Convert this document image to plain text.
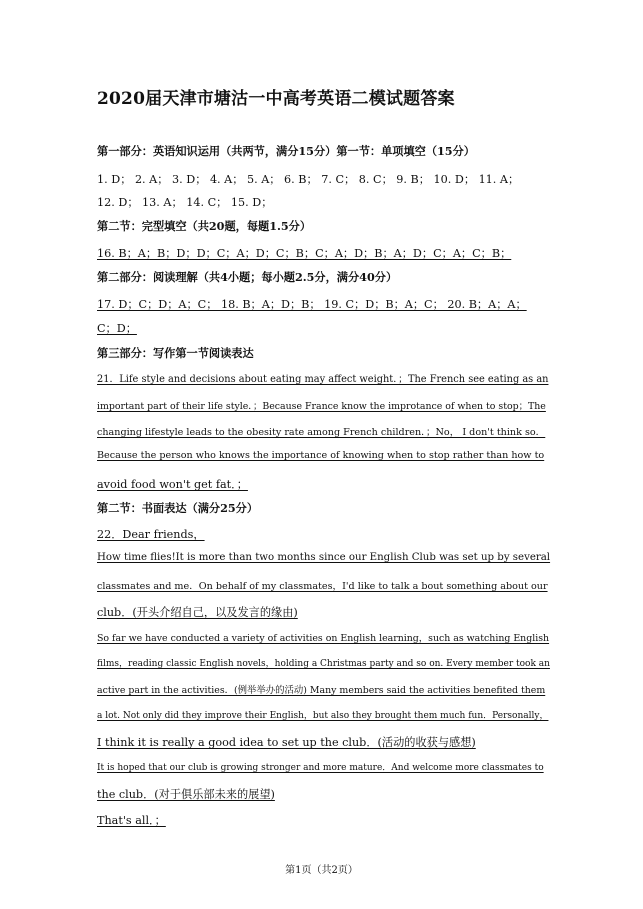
2020届天津市塘沽一中高考英语二模试题答案
第一部分：英语知识运用（共两节，满分15分）第一节：单项填空（15分）
1. D； 2. A； 3. D； 4. A； 5. A； 6. B； 7. C； 8. C； 9. B； 10. D； 11. A；
12. D； 13. A； 14. C； 15. D；
第二节：完型填空（共20题，每题1.5分）
16. B；A；B；D；D；C；A；D；C；B；C；A；D；B；A；D；C；A；C；B；
第二部分：阅读理解（共4小题；每小题2.5分，满分40分）
17. D；C；D；A；C； 18. B；A；D；B； 19. C；D；B；A；C； 20. B；A；A；
C；D；
第三部分：写作第一节阅读表达
21．Life style and decisions about eating may affect weight．；The French see eating as an
important part of their life style．；Because France know the improtance of when to stop；The
changing lifestyle leads to the obesity rate among French children．；No， I don't think so．
Because the person who knows the importance of knowing when to stop rather than how to
avoid food won't get fat．；
第二节：书面表达（满分25分）
22．Dear friends，
How time flies!It is more than two months since our English Club was set up by several
classmates and me．On behalf of my classmates，I'd like to talk a bout something about our
club．(开头介绍自己，以及发言的缘由)
So far we have conducted a variety of activities on English learning，such as watching English
films，reading classic English novels，holding a Christmas party and so on. Every member took an
active part in the activities．(例举举办的活动) Many members said the activities benefited them
a lot. Not only did they improve their English，but also they brought them much fun．Personally，
I think it is really a good idea to set up the club．(活动的收获与感想)
It is hoped that our club is growing stronger and more mature．And welcome more classmates to
the club．(对于俱乐部未来的展望)
That's all．；
第1页（共2页）
